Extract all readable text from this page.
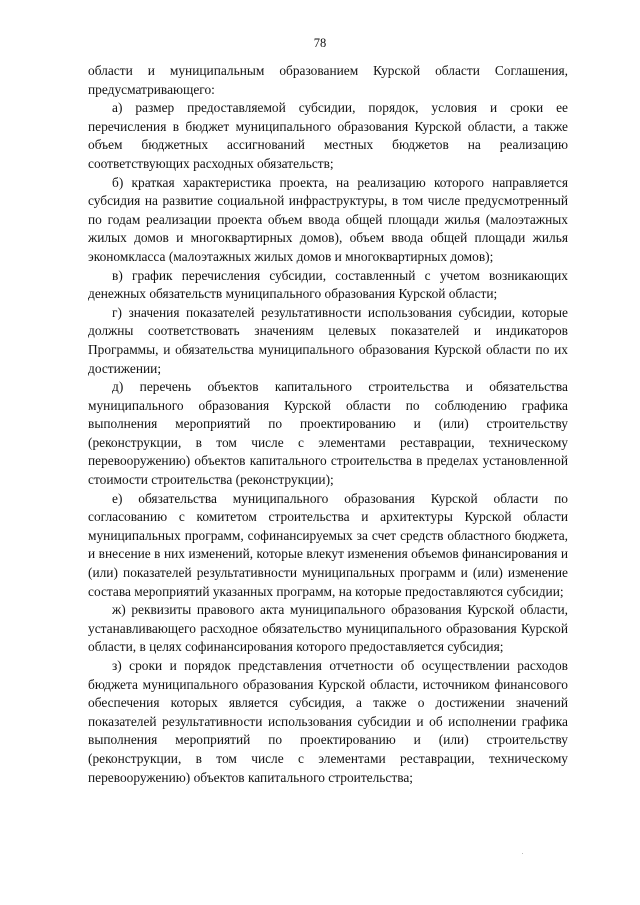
78

области и муниципальным образованием Курской области Соглашения, предусматривающего:

а) размер предоставляемой субсидии, порядок, условия и сроки ее перечисления в бюджет муниципального образования Курской области, а также объем бюджетных ассигнований местных бюджетов на реализацию соответствующих расходных обязательств;

б) краткая характеристика проекта, на реализацию которого направляется субсидия на развитие социальной инфраструктуры, в том числе предусмотренный по годам реализации проекта объем ввода общей площади жилья (малоэтажных жилых домов и многоквартирных домов), объем ввода общей площади жилья экономкласса (малоэтажных жилых домов и многоквартирных домов);

в) график перечисления субсидии, составленный с учетом возникающих денежных обязательств муниципального образования Курской области;

г) значения показателей результативности использования субсидии, которые должны соответствовать значениям целевых показателей и индикаторов Программы, и обязательства муниципального образования Курской области по их достижении;

д) перечень объектов капитального строительства и обязательства муниципального образования Курской области по соблюдению графика выполнения мероприятий по проектированию и (или) строительству (реконструкции, в том числе с элементами реставрации, техническому перевооружению) объектов капитального строительства в пределах установленной стоимости строительства (реконструкции);

е) обязательства муниципального образования Курской области по согласованию с комитетом строительства и архитектуры Курской области муниципальных программ, софинансируемых за счет средств областного бюджета, и внесение в них изменений, которые влекут изменения объемов финансирования и (или) показателей результативности муниципальных программ и (или) изменение состава мероприятий указанных программ, на которые предоставляются субсидии;

ж) реквизиты правового акта муниципального образования Курской области, устанавливающего расходное обязательство муниципального образования Курской области, в целях софинансирования которого предоставляется субсидия;

з) сроки и порядок представления отчетности об осуществлении расходов бюджета муниципального образования Курской области, источником финансового обеспечения которых является субсидия, а также о достижении значений показателей результативности использования субсидии и об исполнении графика выполнения мероприятий по проектированию и (или) строительству (реконструкции, в том числе с элементами реставрации, техническому перевооружению) объектов капитального строительства;
